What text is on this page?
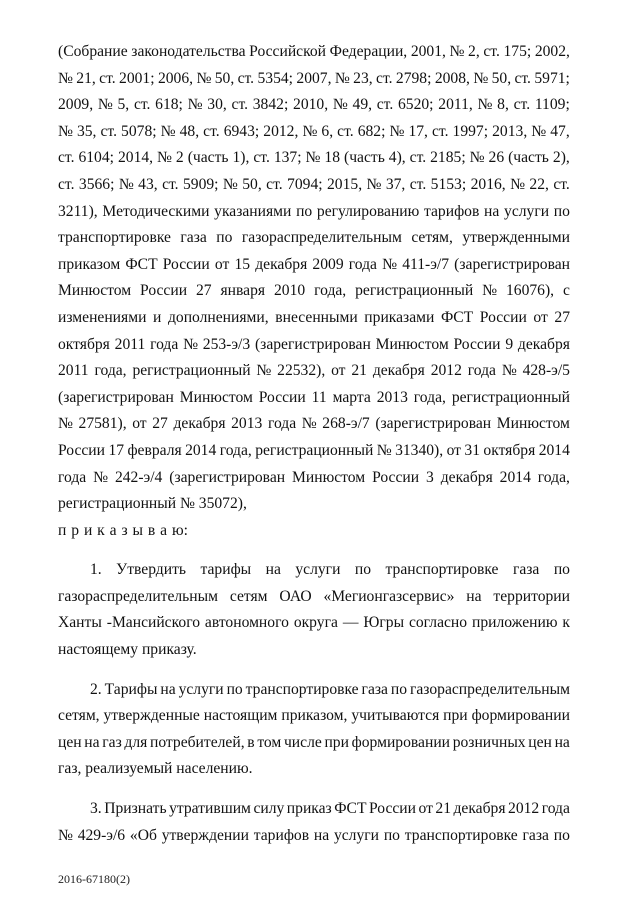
(Собрание законодательства Российской Федерации, 2001, № 2, ст. 175; 2002,
№ 21, ст. 2001; 2006, № 50, ст. 5354; 2007, № 23, ст. 2798; 2008, № 50, ст. 5971;
2009, № 5, ст. 618; № 30, ст. 3842; 2010, № 49, ст. 6520; 2011, № 8, ст. 1109;
№ 35, ст. 5078; № 48, ст. 6943; 2012, № 6, ст. 682; № 17, ст. 1997; 2013, № 47,
ст. 6104; 2014, № 2 (часть 1), ст. 137; № 18 (часть 4), ст. 2185; № 26 (часть 2),
ст. 3566; № 43, ст. 5909; № 50, ст. 7094; 2015, № 37, ст. 5153; 2016, № 22, ст.
3211), Методическими указаниями по регулированию тарифов на услуги по
транспортировке газа по газораспределительным сетям, утвержденными
приказом ФСТ России от 15 декабря 2009 года № 411-э/7 (зарегистрирован
Минюстом России 27 января 2010 года, регистрационный № 16076), с
изменениями и дополнениями, внесенными приказами ФСТ России от 27
октября 2011 года № 253-э/3 (зарегистрирован Минюстом России 9 декабря
2011 года, регистрационный № 22532), от 21 декабря 2012 года № 428-э/5
(зарегистрирован Минюстом России 11 марта 2013 года, регистрационный
№ 27581), от 27 декабря 2013 года № 268-э/7 (зарегистрирован Минюстом
России 17 февраля 2014 года, регистрационный № 31340), от 31 октября 2014
года № 242-э/4 (зарегистрирован Минюстом России 3 декабря 2014 года,
регистрационный № 35072),
п р и к а з ы в а ю:
1. Утвердить тарифы на услуги по транспортировке газа по
газораспределительным сетям ОАО «Мегионгазсервис» на территории
Ханты -Мансийского автономного округа — Югры согласно приложению к
настоящему приказу.
2. Тарифы на услуги по транспортировке газа по газораспределительным
сетям, утвержденные настоящим приказом, учитываются при формировании
цен на газ для потребителей, в том числе при формировании розничных цен на
газ, реализуемый населению.
3. Признать утратившим силу приказ ФСТ России от 21 декабря 2012 года
№ 429-э/6 «Об утверждении тарифов на услуги по транспортировке газа по
2016-67180(2)
